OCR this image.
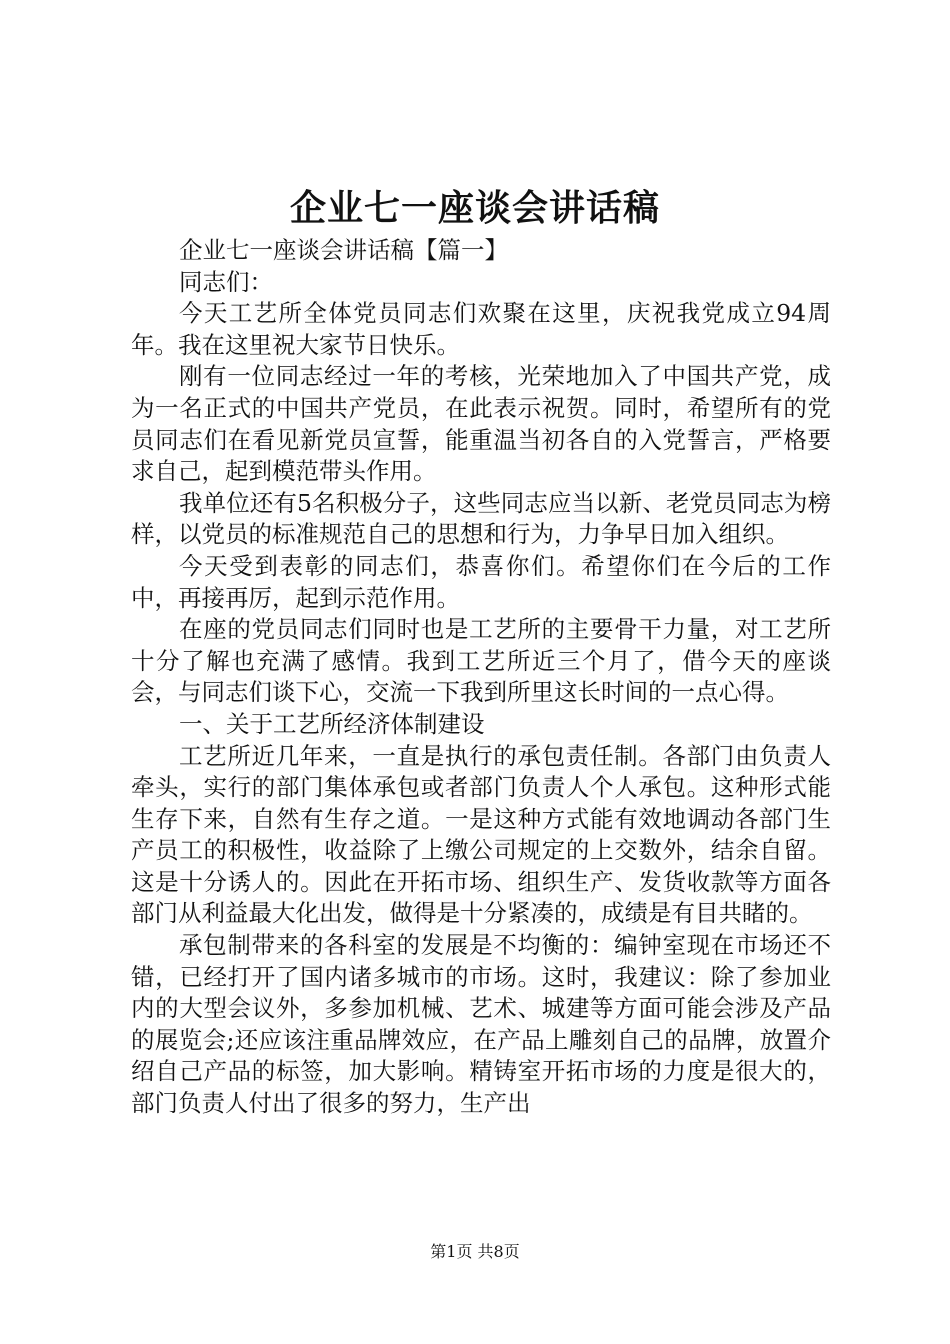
企业七一座谈会讲话稿

企业七一座谈会讲话稿【篇一】

同志们：

今天工艺所全体党员同志们欢聚在这里，庆祝我党成立94周年。我在这里祝大家节日快乐。

刚有一位同志经过一年的考核，光荣地加入了中国共产党，成为一名正式的中国共产党员，在此表示祝贺。同时，希望所有的党员同志们在看见新党员宣誓，能重温当初各自的入党誓言，严格要求自己，起到模范带头作用。

我单位还有5名积极分子，这些同志应当以新、老党员同志为榜样，以党员的标准规范自己的思想和行为，力争早日加入组织。

今天受到表彰的同志们，恭喜你们。希望你们在今后的工作中，再接再厉，起到示范作用。

在座的党员同志们同时也是工艺所的主要骨干力量，对工艺所十分了解也充满了感情。我到工艺所近三个月了，借今天的座谈会，与同志们谈下心，交流一下我到所里这长时间的一点心得。

一、关于工艺所经济体制建设

工艺所近几年来，一直是执行的承包责任制。各部门由负责人牵头，实行的部门集体承包或者部门负责人个人承包。这种形式能生存下来，自然有生存之道。一是这种方式能有效地调动各部门生产员工的积极性，收益除了上缴公司规定的上交数外，结余自留。这是十分诱人的。因此在开拓市场、组织生产、发货收款等方面各部门从利益最大化出发，做得是十分紧凑的，成绩是有目共睹的。

承包制带来的各科室的发展是不均衡的：编钟室现在市场还不错，已经打开了国内诸多城市的市场。这时，我建议：除了参加业内的大型会议外，多参加机械、艺术、城建等方面可能会涉及产品的展览会;还应该注重品牌效应，在产品上雕刻自己的品牌，放置介绍自己产品的标签，加大影响。精铸室开拓市场的力度是很大的，部门负责人付出了很多的努力，生产出

第1页 共8页
